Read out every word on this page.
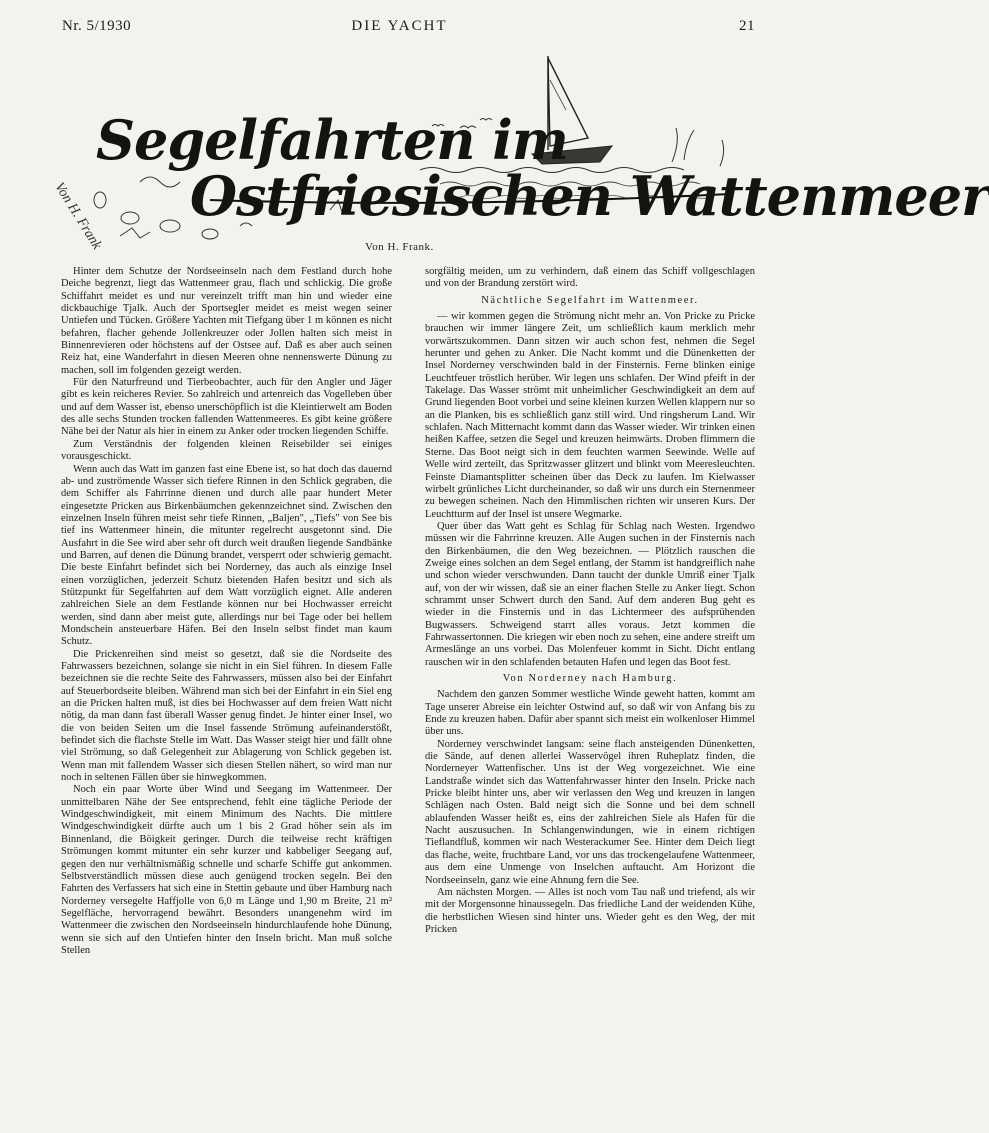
Nr. 5/1930	DIE YACHT	21
Segelfahrten im
Ostfriesischen Wattenmeer
Von H. Frank	Von H. Frank.

Hinter dem Schutze der Nordseeinseln nach dem Festland durch hohe Deiche begrenzt, liegt das Wattenmeer grau, flach und schlickig. Die große Schiffahrt meidet es und nur vereinzelt trifft man hin und wieder eine dickbauchige Tjalk. Auch der Sportsegler meidet es meist wegen seiner Untiefen und Tücken. Größere Yachten mit Tiefgang über 1 m können es nicht befahren, flacher gehende Jollenkreuzer oder Jollen halten sich meist in Binnenrevieren oder höchstens auf der Ostsee auf. Daß es aber auch seinen Reiz hat, eine Wanderfahrt in diesen Meeren ohne nennenswerte Dünung zu machen, soll im folgenden gezeigt werden.

Für den Naturfreund und Tierbeobachter, auch für den Angler und Jäger gibt es kein reicheres Revier. So zahlreich und artenreich das Vogelleben über und auf dem Wasser ist, ebenso unerschöpflich ist die Kleintierwelt am Boden des alle sechs Stunden trocken fallenden Wattenmeeres. Es gibt keine größere Nähe bei der Natur als hier in einem zu Anker oder trocken liegenden Schiffe.

Zum Verständnis der folgenden kleinen Reisebilder sei einiges vorausgeschickt.

Wenn auch das Watt im ganzen fast eine Ebene ist, so hat doch das dauernd ab- und zuströmende Wasser sich tiefere Rinnen in den Schlick gegraben, die dem Schiffer als Fahrrinne dienen und durch alle paar hundert Meter eingesetzte Pricken aus Birkenbäumchen gekennzeichnet sind. Zwischen den einzelnen Inseln führen meist sehr tiefe Rinnen, „Baljen", „Tiefs" von See bis tief ins Wattenmeer hinein, die mitunter regelrecht ausgetonnt sind. Die Ausfahrt in die See wird aber sehr oft durch weit draußen liegende Sandbänke und Barren, auf denen die Dünung brandet, versperrt oder schwierig gemacht. Die beste Einfahrt befindet sich bei Norderney, das auch als einzige Insel einen vorzüglichen, jederzeit Schutz bietenden Hafen besitzt und sich als Stützpunkt für Segelfahrten auf dem Watt vorzüglich eignet. Alle anderen zahlreichen Siele an dem Festlande können nur bei Hochwasser erreicht werden, sind dann aber meist gute, allerdings nur bei Tage oder bei hellem Mondschein ansteuerbare Häfen. Bei den Inseln selbst findet man kaum Schutz.

Die Prickenreihen sind meist so gesetzt, daß sie die Nordseite des Fahrwassers bezeichnen, solange sie nicht in ein Siel führen. In diesem Falle bezeichnen sie die rechte Seite des Fahrwassers, müssen also bei der Einfahrt auf Steuerbordseite bleiben. Während man sich bei der Einfahrt in ein Siel eng an die Pricken halten muß, ist dies bei Hochwasser auf dem freien Watt nicht nötig, da man dann fast überall Wasser genug findet. Je hinter einer Insel, wo die von beiden Seiten um die Insel fassende Strömung aufeinanderstößt, befindet sich die flachste Stelle im Watt. Das Wasser steigt hier und fällt ohne viel Strömung, so daß Gelegenheit zur Ablagerung von Schlick gegeben ist. Wenn man mit fallendem Wasser sich diesen Stellen nähert, so wird man nur noch in seltenen Fällen über sie hinwegkommen.

Noch ein paar Worte über Wind und Seegang im Wattenmeer. Der unmittelbaren Nähe der See entsprechend, fehlt eine tägliche Periode der Windgeschwindigkeit, mit einem Minimum des Nachts. Die mittlere Windgeschwindigkeit dürfte auch um 1 bis 2 Grad höher sein als im Binnenland, die Böigkeit geringer. Durch die teilweise recht kräftigen Strömungen kommt mitunter ein sehr kurzer und kabbeliger Seegang auf, gegen den nur verhältnismäßig schnelle und scharfe Schiffe gut ankommen. Selbstverständlich müssen diese auch genügend trocken segeln. Bei den Fahrten des Verfassers hat sich eine in Stettin gebaute und über Hamburg nach Norderney versegelte Haffjolle von 6,0 m Länge und 1,90 m Breite, 21 m² Segelfläche, hervorragend bewährt. Besonders unangenehm wird im Wattenmeer die zwischen den Nordseeinseln hindurchlaufende hohe Dünung, wenn sie sich auf den Untiefen hinter den Inseln bricht. Man muß solche Stellen

sorgfältig meiden, um zu verhindern, daß einem das Schiff vollgeschlagen und von der Brandung zerstört wird.

Nächtliche Segelfahrt im Wattenmeer.

— wir kommen gegen die Strömung nicht mehr an. Von Pricke zu Pricke brauchen wir immer längere Zeit, um schließlich kaum merklich mehr vorwärtszukommen. Dann sitzen wir auch schon fest, nehmen die Segel herunter und gehen zu Anker. Die Nacht kommt und die Dünenketten der Insel Norderney verschwinden bald in der Finsternis. Ferne blinken einige Leuchtfeuer tröstlich herüber. Wir legen uns schlafen. Der Wind pfeift in der Takelage. Das Wasser strömt mit unheimlicher Geschwindigkeit an dem auf Grund liegenden Boot vorbei und seine kleinen kurzen Wellen klappern nur so an die Planken, bis es schließlich ganz still wird. Und ringsherum Land. Wir schlafen. Nach Mitternacht kommt dann das Wasser wieder. Wir trinken einen heißen Kaffee, setzen die Segel und kreuzen heimwärts. Droben flimmern die Sterne. Das Boot neigt sich in dem feuchten warmen Seewinde. Welle auf Welle wird zerteilt, das Spritzwasser glitzert und blinkt vom Meeresleuchten. Feinste Diamantsplitter scheinen über das Deck zu laufen. Im Kielwasser wirbelt grünliches Licht durcheinander, so daß wir uns durch ein Sternenmeer zu bewegen scheinen. Nach den Himmlischen richten wir unseren Kurs. Der Leuchtturm auf der Insel ist unsere Wegmarke.

Quer über das Watt geht es Schlag für Schlag nach Westen. Irgendwo müssen wir die Fahrrinne kreuzen. Alle Augen suchen in der Finsternis nach den Birkenbäumen, die den Weg bezeichnen. — Plötzlich rauschen die Zweige eines solchen an dem Segel entlang, der Stamm ist handgreiflich nahe und schon wieder verschwunden. Dann taucht der dunkle Umriß einer Tjalk auf, von der wir wissen, daß sie an einer flachen Stelle zu Anker liegt. Schon schrammt unser Schwert durch den Sand. Auf dem anderen Bug geht es wieder in die Finsternis und in das Lichtermeer des aufsprühenden Bugwassers. Schweigend starrt alles voraus. Jetzt kommen die Fahrwassertonnen. Die kriegen wir eben noch zu sehen, eine andere streift um Armeslänge an uns vorbei. Das Molenfeuer kommt in Sicht. Dicht entlang rauschen wir in den schlafenden betauten Hafen und legen das Boot fest.

Von Norderney nach Hamburg.

Nachdem den ganzen Sommer westliche Winde geweht hatten, kommt am Tage unserer Abreise ein leichter Ostwind auf, so daß wir von Anfang bis zu Ende zu kreuzen haben. Dafür aber spannt sich meist ein wolkenloser Himmel über uns.

Norderney verschwindet langsam: seine flach ansteigenden Dünenketten, die Sände, auf denen allerlei Wasservögel ihren Ruheplatz finden, die Norderneyer Wattenfischer. Uns ist der Weg vorgezeichnet. Wie eine Landstraße windet sich das Wattenfahrwasser hinter den Inseln. Pricke nach Pricke bleibt hinter uns, aber wir verlassen den Weg und kreuzen in langen Schlägen nach Osten. Bald neigt sich die Sonne und bei dem schnell ablaufenden Wasser heißt es, eins der zahlreichen Siele als Hafen für die Nacht auszusuchen. In Schlangenwindungen, wie in einem richtigen Tieflandfluß, kommen wir nach Westerackumer See. Hinter dem Deich liegt das flache, weite, fruchtbare Land, vor uns das trockengelaufene Wattenmeer, aus dem eine Unmenge von Inselchen auftaucht. Am Horizont die Nordseeinseln, ganz wie eine Ahnung fern die See.

Am nächsten Morgen. — Alles ist noch vom Tau naß und triefend, als wir mit der Morgensonne hinaussegeln. Das friedliche Land der weidenden Kühe, die herbstlichen Wiesen sind hinter uns. Wieder geht es den Weg, der mit Pricken
